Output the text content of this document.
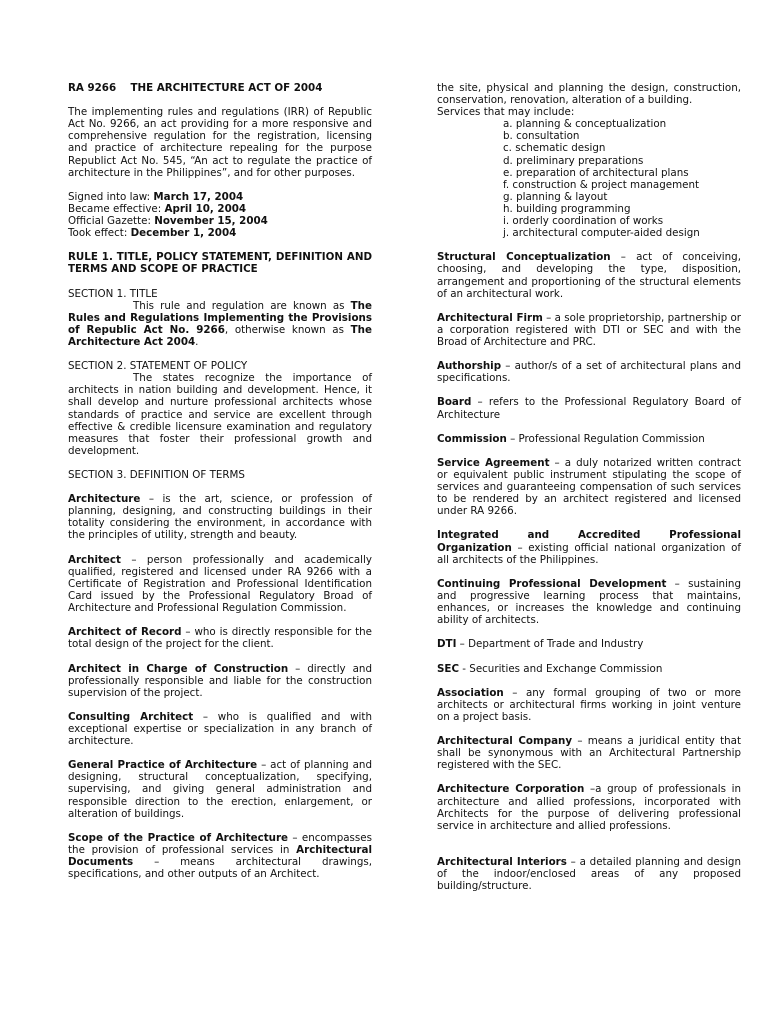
RA 9266    THE ARCHITECTURE ACT OF 2004

The implementing rules and regulations (IRR) of Republic Act No. 9266, an act providing for a more responsive and comprehensive regulation for the registration, licensing and practice of architecture repealing for the purpose Republict Act No. 545, “An act to regulate the practice of architecture in the Philippines”, and for other purposes.

Signed into law: March 17, 2004
Became effective: April 10, 2004
Official Gazette: November 15, 2004
Took effect: December 1, 2004

RULE 1. TITLE, POLICY STATEMENT, DEFINITION AND TERMS AND SCOPE OF PRACTICE

SECTION 1. TITLE

This rule and regulation are known as The Rules and Regulations Implementing the Provisions of Republic Act No. 9266, otherwise known as The Architecture Act 2004.

SECTION 2. STATEMENT OF POLICY

The states recognize the importance of architects in nation building and development. Hence, it shall develop and nurture professional architects whose standards of practice and service are excellent through effective & credible licensure examination and regulatory measures that foster their professional growth and development.

SECTION 3. DEFINITION OF TERMS

Architecture – is the art, science, or profession of planning, designing, and constructing buildings in their totality considering the environment, in accordance with the principles of utility, strength and beauty.

Architect – person professionally and academically qualified, registered and licensed under RA 9266 with a Certificate of Registration and Professional Identification Card issued by the Professional Regulatory Broad of Architecture and Professional Regulation Commission.

Architect of Record – who is directly responsible for the total design of the project for the client.

Architect in Charge of Construction – directly and professionally responsible and liable for the construction supervision of the project.

Consulting Architect – who is qualified and with exceptional expertise or specialization in any branch of architecture.

General Practice of Architecture – act of planning and designing, structural conceptualization, specifying, supervising, and giving general administration and responsible direction to the erection, enlargement, or alteration of buildings.

Scope of the Practice of Architecture – encompasses the provision of professional services in Architectural Documents – means architectural drawings, specifications, and other outputs of an Architect.

the site, physical and planning the design, construction, conservation, renovation, alteration of a building.

Services that may include:

a. planning & conceptualization
b. consultation
c. schematic design
d. preliminary preparations
e. preparation of architectural plans
f. construction & project management
g. planning & layout
h. building programming
i. orderly coordination of works
j. architectural computer-aided design

Structural Conceptualization – act of conceiving, choosing, and developing the type, disposition, arrangement and proportioning of the structural elements of an architectural work.

Architectural Firm – a sole proprietorship, partnership or a corporation registered with DTI or SEC and with the Broad of Architecture and PRC.

Authorship – author/s of a set of architectural plans and specifications.

Board – refers to the Professional Regulatory Board of Architecture

Commission – Professional Regulation Commission

Service Agreement – a duly notarized written contract or equivalent public instrument stipulating the scope of services and guaranteeing compensation of such services to be rendered by an architect registered and licensed under RA 9266.

Integrated and Accredited Professional Organization – existing official national organization of all architects of the Philippines.

Continuing Professional Development – sustaining and progressive learning process that maintains, enhances, or increases the knowledge and continuing ability of architects.

DTI – Department of Trade and Industry

SEC - Securities and Exchange Commission

Association – any formal grouping of two or more architects or architectural firms working in joint venture on a project basis.

Architectural Company – means a juridical entity that shall be synonymous with an Architectural Partnership registered with the SEC.

Architecture Corporation –a group of professionals in architecture and allied professions, incorporated with Architects for the purpose of delivering professional service in architecture and allied professions.

Architectural Interiors – a detailed planning and design of the indoor/enclosed areas of any proposed building/structure.
